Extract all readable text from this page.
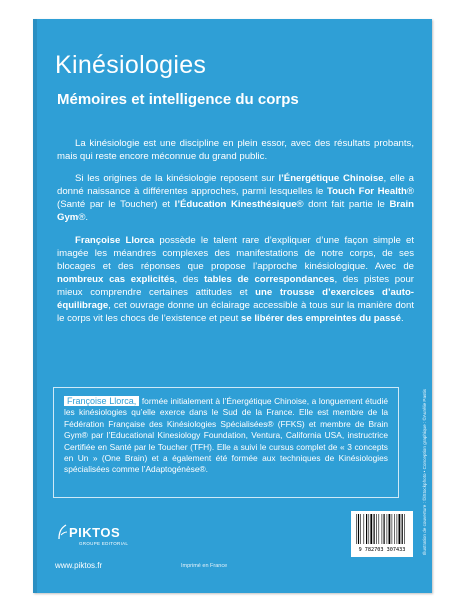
Kinésiologies
Mémoires et intelligence du corps

La kinésiologie est une discipline en plein essor, avec des résultats probants, mais qui reste encore méconnue du grand public.

Si les origines de la kinésiologie reposent sur l’Énergétique Chinoise, elle a donné naissance à différentes approches, parmi lesquelles le Touch For Health® (Santé par le Toucher) et l’Éducation Kinesthésique® dont fait partie le Brain Gym®.

Françoise Llorca possède le talent rare d’expliquer d’une façon simple et imagée les méandres complexes des manifestations de notre corps, de ses blocages et des réponses que propose l’approche kinésiologique. Avec de nombreux cas explicités, des tables de correspondances, des pistes pour mieux comprendre certaines attitudes et une trousse d’exercices d’auto-équilibrage, cet ouvrage donne un éclairage accessible à tous sur la manière dont le corps vit les chocs de l’existence et peut se libérer des empreintes du passé.

Françoise Llorca, formée initialement à l’Énergétique Chinoise, a longuement étudié les kinésiologies qu’elle exerce dans le Sud de la France. Elle est membre de la Fédération Française des Kinésiologies Spécialisées® (FFKS) et membre de Brain Gym® par l’Educational Kinesiology Foundation, Ventura, California USA, instructrice Certifiée en Santé par le Toucher (TFH). Elle a suivi le cursus complet de « 3 concepts en Un » (One Brain) et a également été formée aux techniques de Kinésiologies spécialisées comme l’Adaptogénèse®.
PIKTOS
GROUPE EDITORIAL
www.piktos.fr	Imprimé en France
Illustration de couverture : ©iStockphoto • Conception graphique : ©Aurélie Pastis
9 782703 307433
